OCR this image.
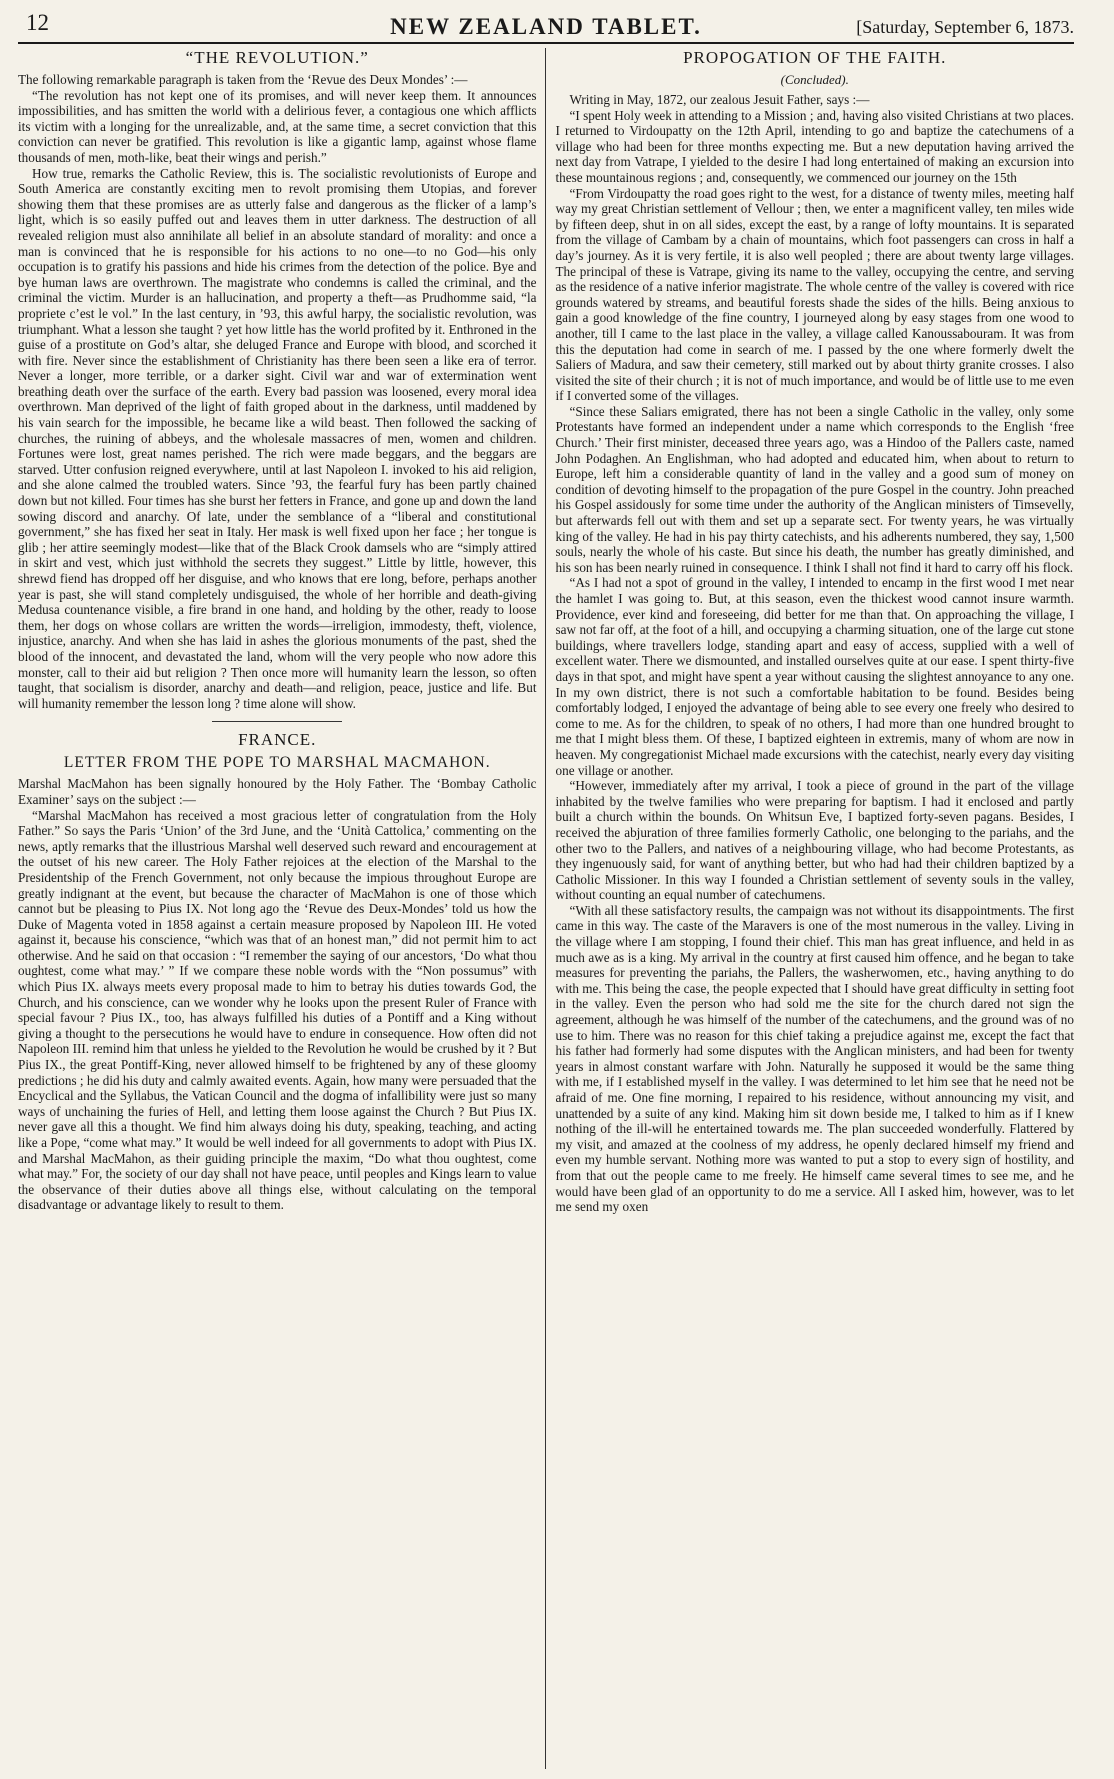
12	NEW ZEALAND TABLET.	[Saturday, September 6, 1873.
“THE REVOLUTION.”

The following remarkable paragraph is taken from the ‘Revue des Deux Mondes’ :—

“The revolution has not kept one of its promises, and will never keep them. It announces impossibilities, and has smitten the world with a delirious fever, a contagious one which afflicts its victim with a longing for the unrealizable, and, at the same time, a secret conviction that this conviction can never be gratified. This revolution is like a gigantic lamp, against whose flame thousands of men, moth-like, beat their wings and perish.”

How true, remarks the Catholic Review, this is. The socialistic revolutionists of Europe and South America are constantly exciting men to revolt promising them Utopias, and forever showing them that these promises are as utterly false and dangerous as the flicker of a lamp’s light, which is so easily puffed out and leaves them in utter darkness. The destruction of all revealed religion must also annihilate all belief in an absolute standard of morality: and once a man is convinced that he is responsible for his actions to no one—to no God—his only occupation is to gratify his passions and hide his crimes from the detection of the police. Bye and bye human laws are overthrown. The magistrate who condemns is called the criminal, and the criminal the victim. Murder is an hallucination, and property a theft—as Prudhomme said, “la propriete c’est le vol.” In the last century, in ’93, this awful harpy, the socialistic revolution, was triumphant. What a lesson she taught ? yet how little has the world profited by it. Enthroned in the guise of a prostitute on God’s altar, she deluged France and Europe with blood, and scorched it with fire. Never since the establishment of Christianity has there been seen a like era of terror. Never a longer, more terrible, or a darker sight. Civil war and war of extermination went breathing death over the surface of the earth. Every bad passion was loosened, every moral idea overthrown. Man deprived of the light of faith groped about in the darkness, until maddened by his vain search for the impossible, he became like a wild beast. Then followed the sacking of churches, the ruining of abbeys, and the wholesale massacres of men, women and children. Fortunes were lost, great names perished. The rich were made beggars, and the beggars are starved. Utter confusion reigned everywhere, until at last Napoleon I. invoked to his aid religion, and she alone calmed the troubled waters. Since ’93, the fearful fury has been partly chained down but not killed. Four times has she burst her fetters in France, and gone up and down the land sowing discord and anarchy. Of late, under the semblance of a “liberal and constitutional government,” she has fixed her seat in Italy. Her mask is well fixed upon her face ; her tongue is glib ; her attire seemingly modest—like that of the Black Crook damsels who are “simply attired in skirt and vest, which just withhold the secrets they suggest.” Little by little, however, this shrewd fiend has dropped off her disguise, and who knows that ere long, before, perhaps another year is past, she will stand completely undisguised, the whole of her horrible and death-giving Medusa countenance visible, a fire brand in one hand, and holding by the other, ready to loose them, her dogs on whose collars are written the words—irreligion, immodesty, theft, violence, injustice, anarchy. And when she has laid in ashes the glorious monuments of the past, shed the blood of the innocent, and devastated the land, whom will the very people who now adore this monster, call to their aid but religion ? Then once more will humanity learn the lesson, so often taught, that socialism is disorder, anarchy and death—and religion, peace, justice and life. But will humanity remember the lesson long ? time alone will show.

FRANCE.
LETTER FROM THE POPE TO MARSHAL MACMAHON.

Marshal MacMahon has been signally honoured by the Holy Father. The ‘Bombay Catholic Examiner’ says on the subject :—

“Marshal MacMahon has received a most gracious letter of congratulation from the Holy Father.” So says the Paris ‘Union’ of the 3rd June, and the ‘Unità Cattolica,’ commenting on the news, aptly remarks that the illustrious Marshal well deserved such reward and encouragement at the outset of his new career. The Holy Father rejoices at the election of the Marshal to the Presidentship of the French Government, not only because the impious throughout Europe are greatly indignant at the event, but because the character of MacMahon is one of those which cannot but be pleasing to Pius IX. Not long ago the ‘Revue des Deux-Mondes’ told us how the Duke of Magenta voted in 1858 against a certain measure proposed by Napoleon III. He voted against it, because his conscience, “which was that of an honest man,” did not permit him to act otherwise. And he said on that occasion : “I remember the saying of our ancestors, ‘Do what thou oughtest, come what may.’ ” If we compare these noble words with the “Non possumus” with which Pius IX. always meets every proposal made to him to betray his duties towards God, the Church, and his conscience, can we wonder why he looks upon the present Ruler of France with special favour ? Pius IX., too, has always fulfilled his duties of a Pontiff and a King without giving a thought to the persecutions he would have to endure in consequence. How often did not Napoleon III. remind him that unless he yielded to the Revolution he would be crushed by it ? But Pius IX., the great Pontiff-King, never allowed himself to be frightened by any of these gloomy predictions ; he did his duty and calmly awaited events. Again, how many were persuaded that the Encyclical and the Syllabus, the Vatican Council and the dogma of infallibility were just so many ways of unchaining the furies of Hell, and letting them loose against the Church ? But Pius IX. never gave all this a thought. We find him always doing his duty, speaking, teaching, and acting like a Pope, “come what may.” It would be well indeed for all governments to adopt with Pius IX. and Marshal MacMahon, as their guiding principle the maxim, “Do what thou oughtest, come what may.” For, the society of our day shall not have peace, until peoples and Kings learn to value the observance of their duties above all things else, without calculating on the temporal disadvantage or advantage likely to result to them.

PROPOGATION OF THE FAITH.
(Concluded).

Writing in May, 1872, our zealous Jesuit Father, says :—

“I spent Holy week in attending to a Mission ; and, having also visited Christians at two places. I returned to Virdoupatty on the 12th April, intending to go and baptize the catechumens of a village who had been for three months expecting me. But a new deputation having arrived the next day from Vatrape, I yielded to the desire I had long entertained of making an excursion into these mountainous regions ; and, consequently, we commenced our journey on the 15th

“From Virdoupatty the road goes right to the west, for a distance of twenty miles, meeting half way my great Christian settlement of Vellour ; then, we enter a magnificent valley, ten miles wide by fifteen deep, shut in on all sides, except the east, by a range of lofty mountains. It is separated from the village of Cambam by a chain of mountains, which foot passengers can cross in half a day’s journey. As it is very fertile, it is also well peopled ; there are about twenty large villages. The principal of these is Vatrape, giving its name to the valley, occupying the centre, and serving as the residence of a native inferior magistrate. The whole centre of the valley is covered with rice grounds watered by streams, and beautiful forests shade the sides of the hills. Being anxious to gain a good knowledge of the fine country, I journeyed along by easy stages from one wood to another, till I came to the last place in the valley, a village called Kanoussabouram. It was from this the deputation had come in search of me. I passed by the one where formerly dwelt the Saliers of Madura, and saw their cemetery, still marked out by about thirty granite crosses. I also visited the site of their church ; it is not of much importance, and would be of little use to me even if I converted some of the villages.

“Since these Saliars emigrated, there has not been a single Catholic in the valley, only some Protestants have formed an independent under a name which corresponds to the English ‘free Church.’ Their first minister, deceased three years ago, was a Hindoo of the Pallers caste, named John Podaghen. An Englishman, who had adopted and educated him, when about to return to Europe, left him a considerable quantity of land in the valley and a good sum of money on condition of devoting himself to the propagation of the pure Gospel in the country. John preached his Gospel assidously for some time under the authority of the Anglican ministers of Timsevelly, but afterwards fell out with them and set up a separate sect. For twenty years, he was virtually king of the valley. He had in his pay thirty catechists, and his adherents numbered, they say, 1,500 souls, nearly the whole of his caste. But since his death, the number has greatly diminished, and his son has been nearly ruined in consequence. I think I shall not find it hard to carry off his flock.

“As I had not a spot of ground in the valley, I intended to encamp in the first wood I met near the hamlet I was going to. But, at this season, even the thickest wood cannot insure warmth. Providence, ever kind and foreseeing, did better for me than that. On approaching the village, I saw not far off, at the foot of a hill, and occupying a charming situation, one of the large cut stone buildings, where travellers lodge, standing apart and easy of access, supplied with a well of excellent water. There we dismounted, and installed ourselves quite at our ease. I spent thirty-five days in that spot, and might have spent a year without causing the slightest annoyance to any one. In my own district, there is not such a comfortable habitation to be found. Besides being comfortably lodged, I enjoyed the advantage of being able to see every one freely who desired to come to me. As for the children, to speak of no others, I had more than one hundred brought to me that I might bless them. Of these, I baptized eighteen in extremis, many of whom are now in heaven. My congregationist Michael made excursions with the catechist, nearly every day visiting one village or another.

“However, immediately after my arrival, I took a piece of ground in the part of the village inhabited by the twelve families who were preparing for baptism. I had it enclosed and partly built a church within the bounds. On Whitsun Eve, I baptized forty-seven pagans. Besides, I received the abjuration of three families formerly Catholic, one belonging to the pariahs, and the other two to the Pallers, and natives of a neighbouring village, who had become Protestants, as they ingenuously said, for want of anything better, but who had had their children baptized by a Catholic Missioner. In this way I founded a Christian settlement of seventy souls in the valley, without counting an equal number of catechumens.

“With all these satisfactory results, the campaign was not without its disappointments. The first came in this way. The caste of the Maravers is one of the most numerous in the valley. Living in the village where I am stopping, I found their chief. This man has great influence, and held in as much awe as is a king. My arrival in the country at first caused him offence, and he began to take measures for preventing the pariahs, the Pallers, the washerwomen, etc., having anything to do with me. This being the case, the people expected that I should have great difficulty in setting foot in the valley. Even the person who had sold me the site for the church dared not sign the agreement, although he was himself of the number of the catechumens, and the ground was of no use to him. There was no reason for this chief taking a prejudice against me, except the fact that his father had formerly had some disputes with the Anglican ministers, and had been for twenty years in almost constant warfare with John. Naturally he supposed it would be the same thing with me, if I established myself in the valley. I was determined to let him see that he need not be afraid of me. One fine morning, I repaired to his residence, without announcing my visit, and unattended by a suite of any kind. Making him sit down beside me, I talked to him as if I knew nothing of the ill-will he entertained towards me. The plan succeeded wonderfully. Flattered by my visit, and amazed at the coolness of my address, he openly declared himself my friend and even my humble servant. Nothing more was wanted to put a stop to every sign of hostility, and from that out the people came to me freely. He himself came several times to see me, and he would have been glad of an opportunity to do me a service. All I asked him, however, was to let me send my oxen
